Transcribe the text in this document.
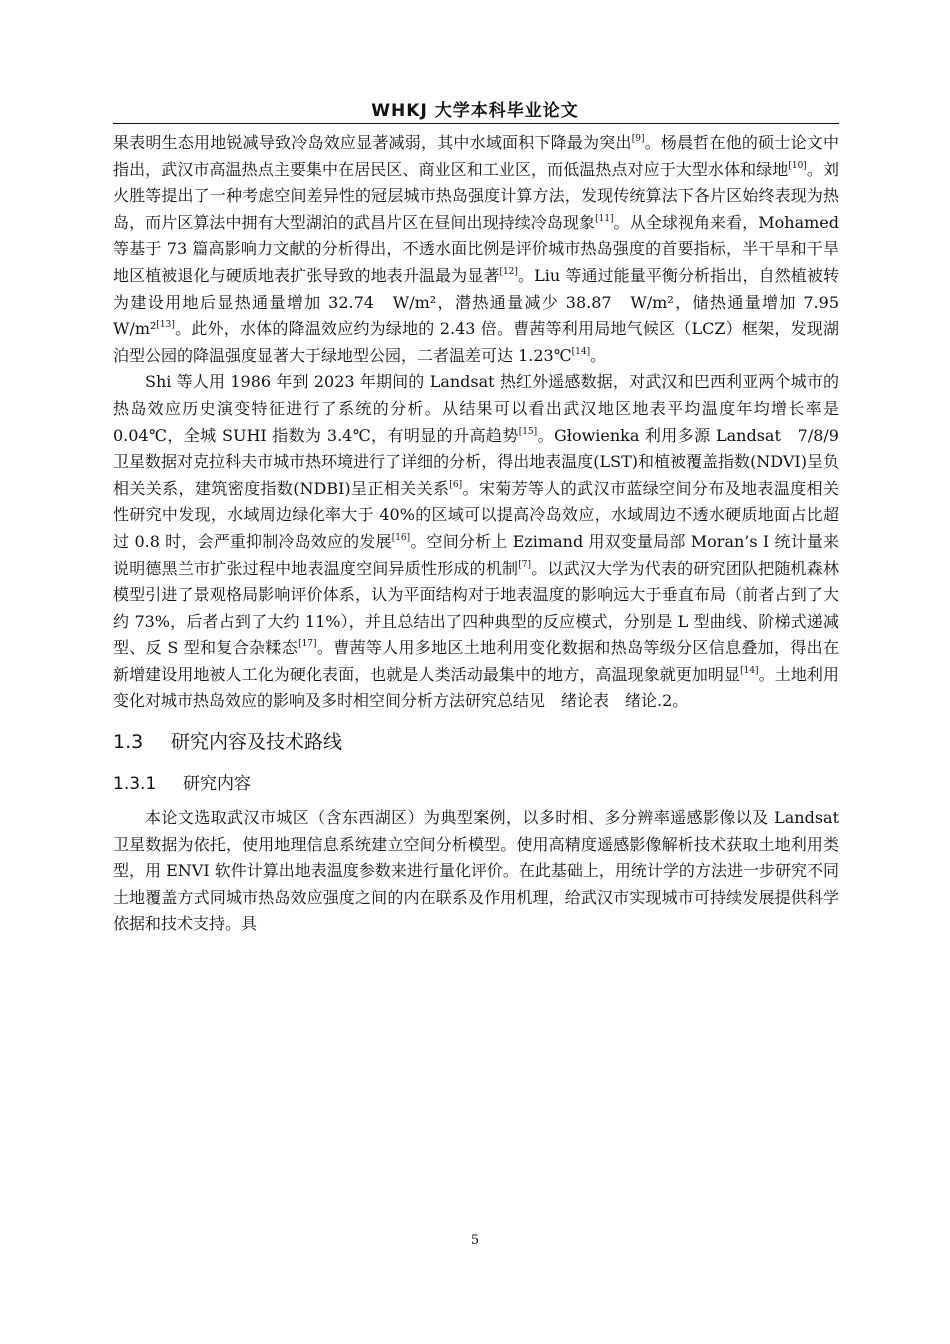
WHKJ 大学本科毕业论文

果表明生态用地锐减导致冷岛效应显著减弱，其中水域面积下降最为突出[9]。杨晨哲在他的硕士论文中指出，武汉市高温热点主要集中在居民区、商业区和工业区，而低温热点对应于大型水体和绿地[10]。刘火胜等提出了一种考虑空间差异性的冠层城市热岛强度计算方法，发现传统算法下各片区始终表现为热岛，而片区算法中拥有大型湖泊的武昌片区在昼间出现持续冷岛现象[11]。从全球视角来看，Mohamed 等基于 73 篇高影响力文献的分析得出，不透水面比例是评价城市热岛强度的首要指标，半干旱和干旱地区植被退化与硬质地表扩张导致的地表升温最为显著[12]。Liu 等通过能量平衡分析指出，自然植被转为建设用地后显热通量增加 32.74　W/m²，潜热通量减少 38.87　W/m²，储热通量增加 7.95　W/m²[13]。此外，水体的降温效应约为绿地的 2.43 倍。曹茜等利用局地气候区（LCZ）框架，发现湖泊型公园的降温强度显著大于绿地型公园，二者温差可达 1.23℃[14]。

Shi 等人用 1986 年到 2023 年期间的 Landsat 热红外遥感数据，对武汉和巴西利亚两个城市的热岛效应历史演变特征进行了系统的分析。从结果可以看出武汉地区地表平均温度年均增长率是 0.04℃，全城 SUHI 指数为 3.4℃，有明显的升高趋势[15]。Głowienka 利用多源 Landsat　7/8/9 卫星数据对克拉科夫市城市热环境进行了详细的分析，得出地表温度(LST)和植被覆盖指数(NDVI)呈负相关关系，建筑密度指数(NDBI)呈正相关关系[6]。宋菊芳等人的武汉市蓝绿空间分布及地表温度相关性研究中发现，水域周边绿化率大于 40%的区域可以提高冷岛效应，水域周边不透水硬质地面占比超过 0.8 时，会严重抑制冷岛效应的发展[16]。空间分析上 Ezimand 用双变量局部 Moran’s I 统计量来说明德黑兰市扩张过程中地表温度空间异质性形成的机制[7]。以武汉大学为代表的研究团队把随机森林模型引进了景观格局影响评价体系，认为平面结构对于地表温度的影响远大于垂直布局（前者占到了大约 73%，后者占到了大约 11%），并且总结出了四种典型的反应模式，分别是 L 型曲线、阶梯式递减型、反 S 型和复合杂糅态[17]。曹茜等人用多地区土地利用变化数据和热岛等级分区信息叠加，得出在新增建设用地被人工化为硬化表面，也就是人类活动最集中的地方，高温现象就更加明显[14]。土地利用变化对城市热岛效应的影响及多时相空间分析方法研究总结见　绪论表　绪论.2。

1.3 研究内容及技术路线
1.3.1 研究内容

本论文选取武汉市城区（含东西湖区）为典型案例，以多时相、多分辨率遥感影像以及 Landsat 卫星数据为依托，使用地理信息系统建立空间分析模型。使用高精度遥感影像解析技术获取土地利用类型，用 ENVI 软件计算出地表温度参数来进行量化评价。在此基础上，用统计学的方法进一步研究不同土地覆盖方式同城市热岛效应强度之间的内在联系及作用机理，给武汉市实现城市可持续发展提供科学依据和技术支持。具

5
